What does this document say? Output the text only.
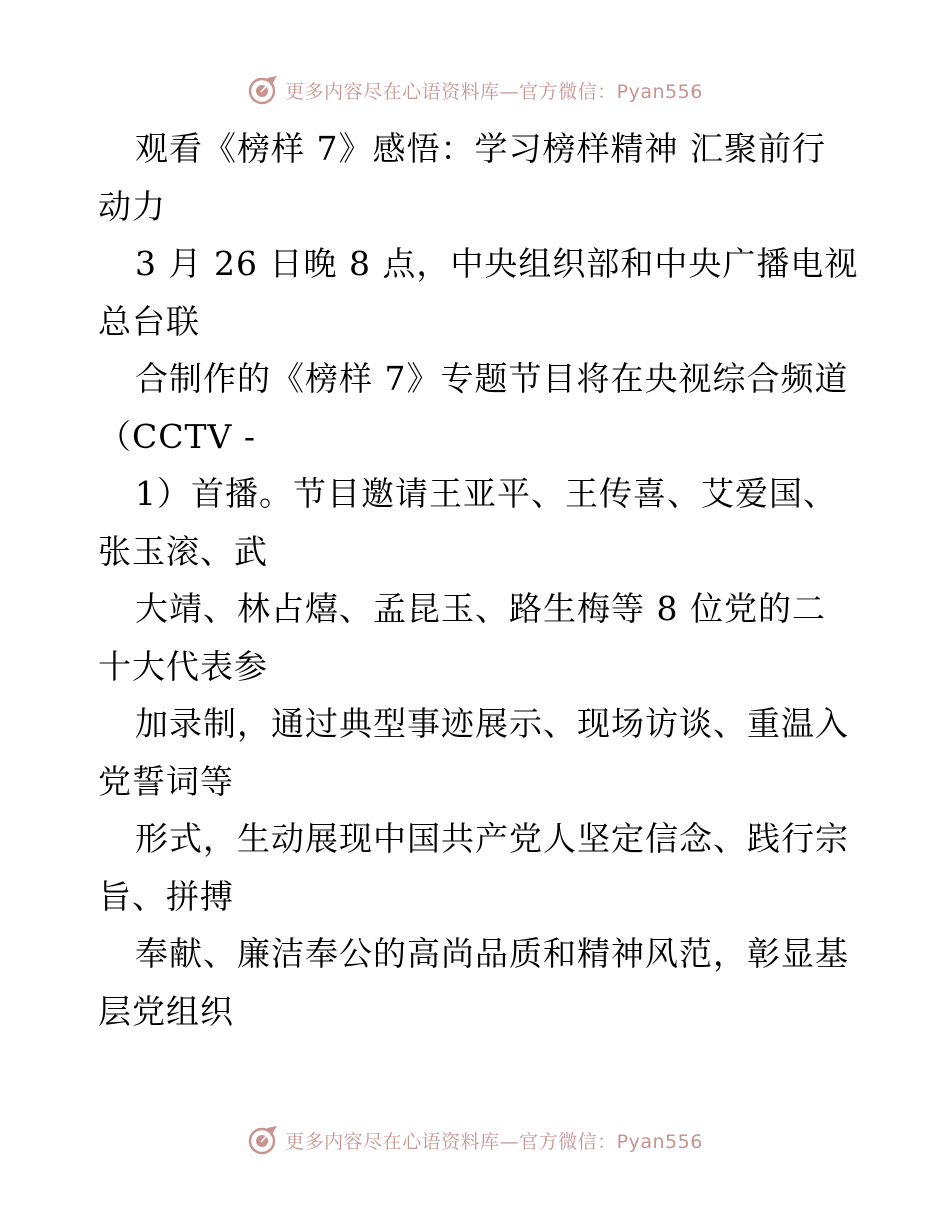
更多内容尽在心语资料库—官方微信：Pyan556
观看《榜样 7》感悟：学习榜样精神 汇聚前行
动力
3 月 26 日晚 8 点，中央组织部和中央广播电视
总台联
合制作的《榜样 7》专题节目将在央视综合频道
（CCTV -
1）首播。节目邀请王亚平、王传喜、艾爱国、
张玉滚、武
大靖、林占熺、孟昆玉、路生梅等 8 位党的二
十大代表参
加录制，通过典型事迹展示、现场访谈、重温入
党誓词等
形式，生动展现中国共产党人坚定信念、践行宗
旨、拼搏
奉献、廉洁奉公的高尚品质和精神风范，彰显基
层党组织
更多内容尽在心语资料库—官方微信：Pyan556
